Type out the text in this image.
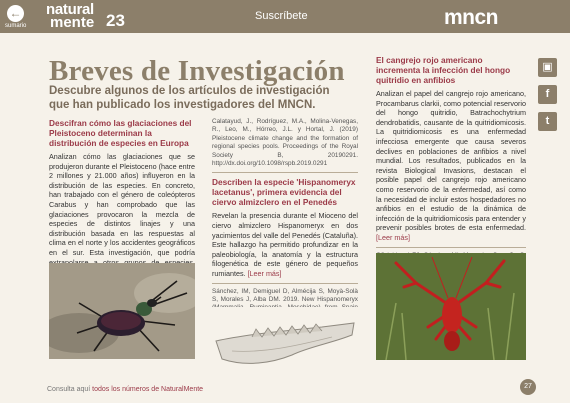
←
sumario
natural
mente 23	Suscríbete	mncn
Breves de Investigación
Descubre algunos de los artículos de investigación que han publicado los investigadores del MNCN.
Descifran cómo las glaciaciones del Pleistoceno determinan la distribución de especies en Europa

Analizan cómo las glaciaciones que se produjeron durante el Pleistoceno (hace entre 2 millones y 21.000 años) influyeron en la distribución de las especies. En concreto, han trabajado con el género de coleópteros Carabus y han comprobado que las glaciaciones provocaron la mezcla de especies de distintos linajes y una distribución basada en las respuestas al clima en el norte y los accidentes geográficos en el sur. Esta investigación, que podría

Calatayud, J., Rodríguez, M.A., Molina-Venegas, R., Leo, M., Hórreo, J.L. y Hortal, J. (2019) Pleistocene climate change and the formation of regional species pools. Proceedings of the Royal Society B, 20190291. http://dx.doi.org/10.1098/rspb.2019.0291

Describen la especie 'Hispanomeryx lacetanus', primera evidencia del ciervo almizclero en el Penedés

Revelan la presencia durante el Mioceno del ciervo almizclero Hispanomeryx en dos yacimientos del valle del Penedés (Cataluña). Este hallazgo ha permitido profundizar en la paleobiología, la anatomía y la estructura filogenética de este género de pequeños rumiantes. [Leer más]

Sánchez, IM, Demiguel D, Almécija S, Moyà-Solà S, Morales J, Alba DM. 2019. New Hispanomeryx

El cangrejo rojo americano incrementa la infección del hongo quitridio en anfibios

Analizan el papel del cangrejo rojo americano, Procambarus clarkii, como potencial reservorio del hongo quitridio, Batrachochytrium dendrobatidis, causante de la quitridiomicosis. La quitridiomicosis es una enfermedad infecciosa emergente que causa severos declives en poblaciones de anfibios a nivel mundial. Los resultados, publicados en la revista Biological Invasions, destacan el posible papel del cangrejo rojo americano como reservorio de la enfermedad, así como la necesidad de incluir estos hospedadores no anfibios en el estudio de la dinámica de infección de la quitridiomicosis para entender y prevenir posibles brotes de esta enfermedad. [Leer más]

▣
f
t
Consulta aquí todos los números de NaturalMente	27
